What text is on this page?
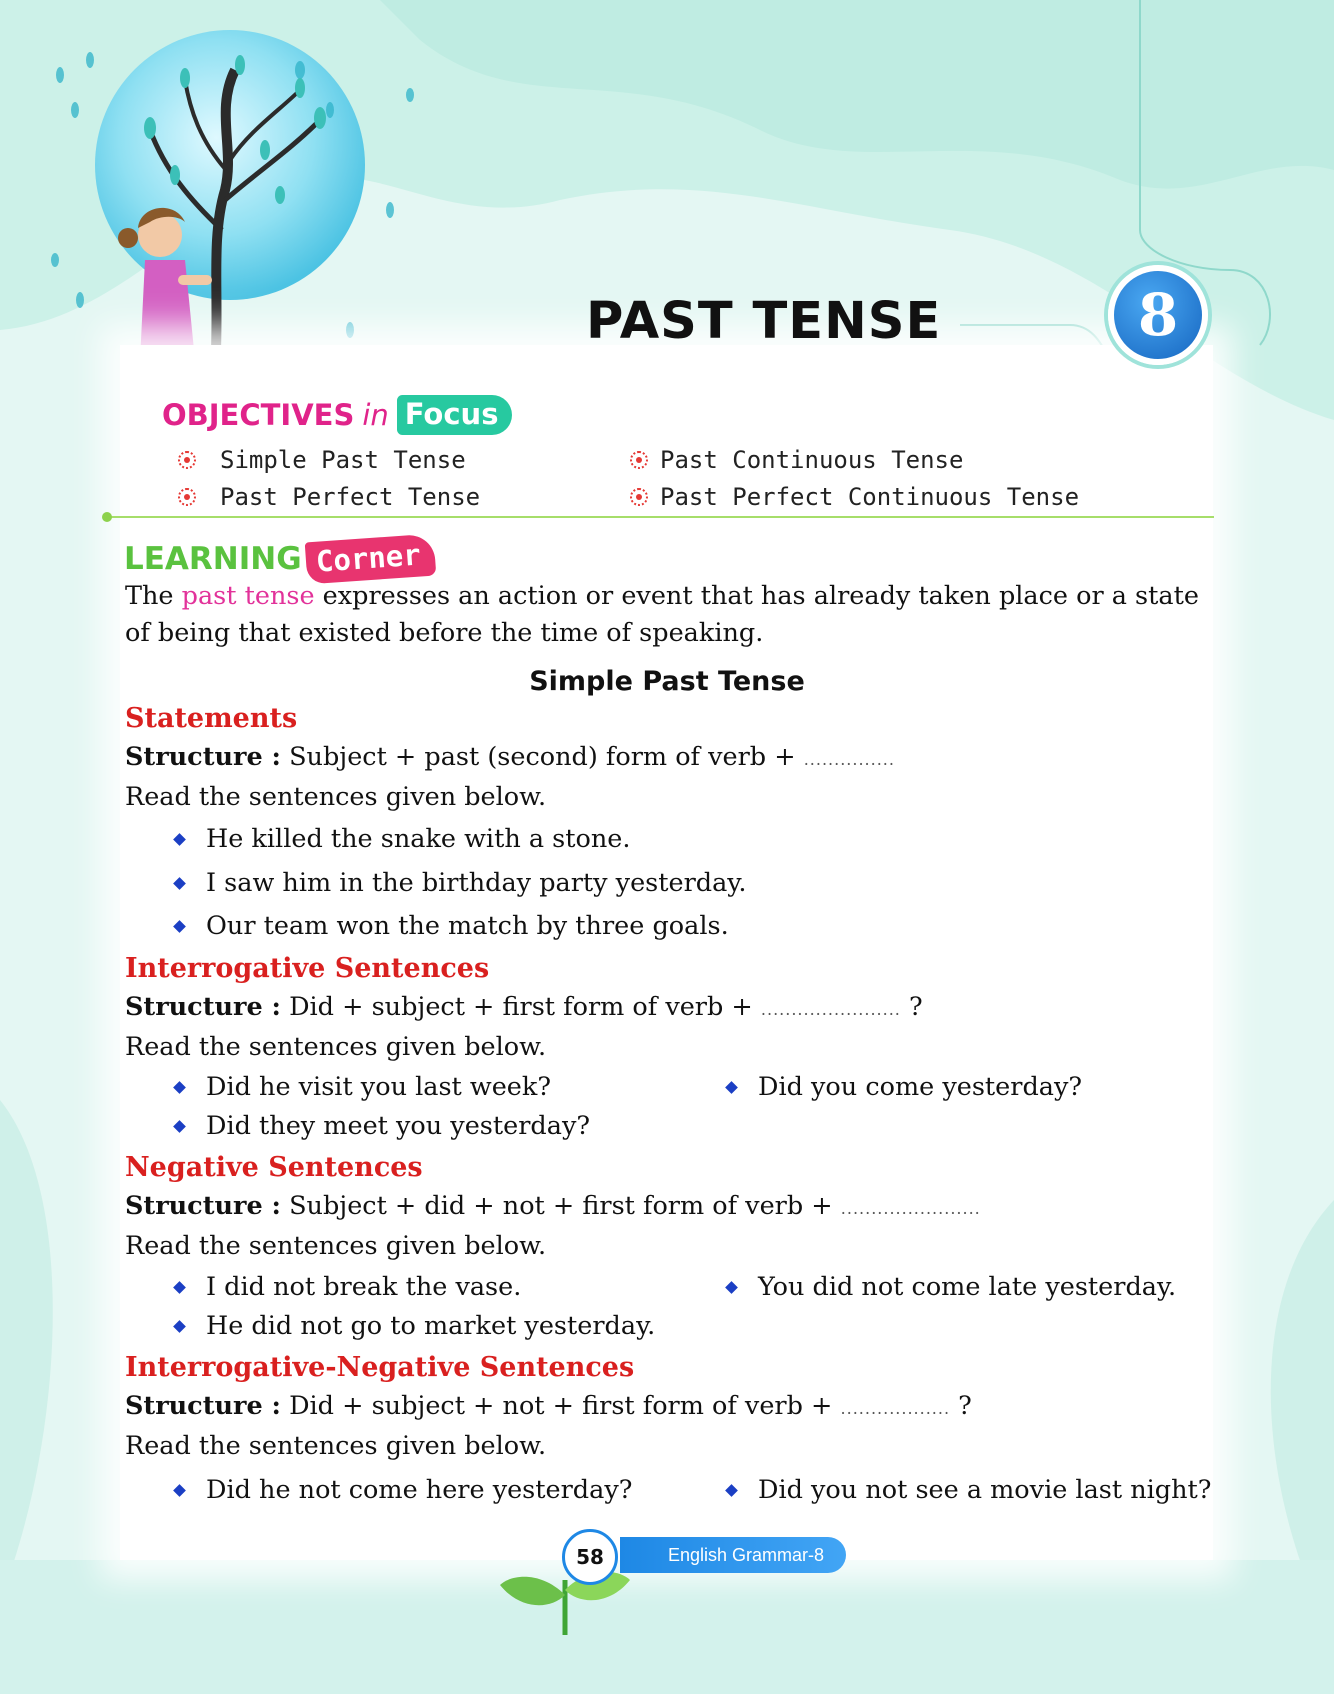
PAST TENSE	8
OBJECTIVES in Focus
Simple Past Tense	Past Continuous Tense
Past Perfect Tense	Past Perfect Continuous Tense
LEARNING Corner
The past tense expresses an action or event that has already taken place or a state
of being that existed before the time of speaking.
Simple Past Tense
Statements
Structure : Subject + past (second) form of verb + ...............
Read the sentences given below.
He killed the snake with a stone.
I saw him in the birthday party yesterday.
Our team won the match by three goals.
Interrogative Sentences
Structure : Did + subject + first form of verb + ....................... ?
Read the sentences given below.
Did he visit you last week?	Did you come yesterday?
Did they meet you yesterday?
Negative Sentences
Structure : Subject + did + not + first form of verb + .......................
Read the sentences given below.
I did not break the vase.	You did not come late yesterday.
He did not go to market yesterday.
Interrogative-Negative Sentences
Structure : Did + subject + not + first form of verb + .................. ?
Read the sentences given below.
Did he not come here yesterday?	Did you not see a movie last night?
English Grammar-8
58
